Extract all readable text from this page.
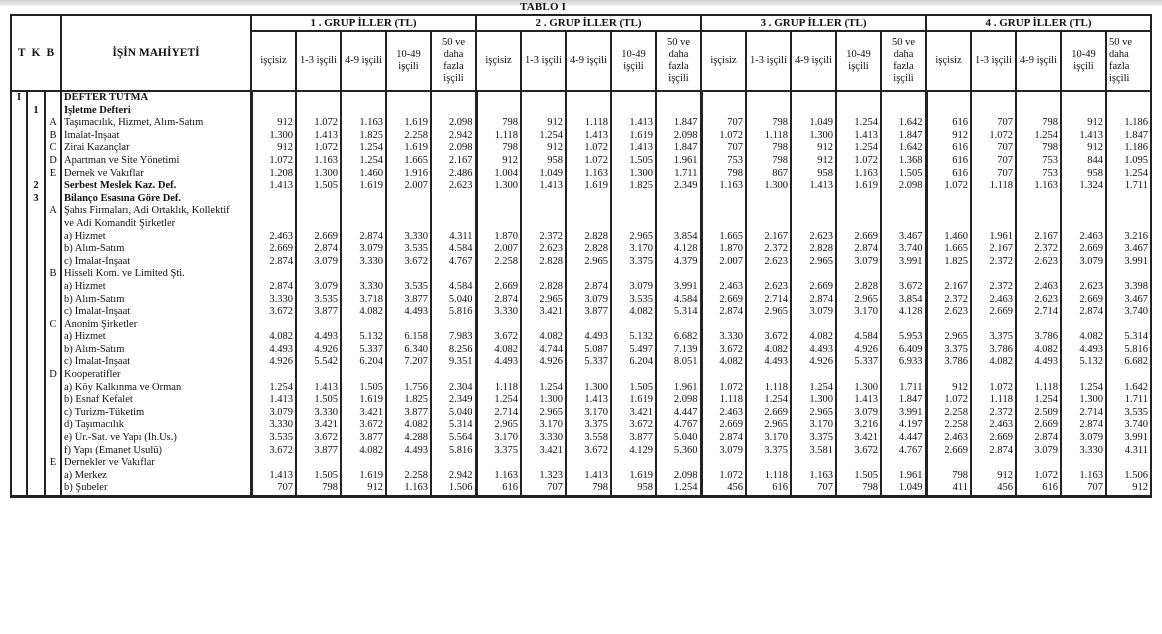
TABLO I
T K B			İŞİN MAHİYETİ	1 . GRUP İLLER (TL)					2 . GRUP İLLER (TL)					3 . GRUP İLLER (TL)					4 . GRUP İLLER (TL)				
				işçisiz	1-3 işçili	4-9 işçili	10-49 işçili	50 ve daha fazla işçili	işçisiz	1-3 işçili	4-9 işçili	10-49 işçili	50 ve daha fazla işçili	işçisiz	1-3 işçili	4-9 işçili	10-49 işçili	50 ve daha fazla işçili	işçisiz	1-3 işçili	4-9 işçili	10-49 işçili	50 ve daha fazla işçili
I			DEFTER TUTMA																				
	1		İşletme Defteri																				
		A	Taşımacılık, Hizmet, Alım-Satım	912	1.072	1.163	1.619	2.098	798	912	1.118	1.413	1.847	707	798	1.049	1.254	1.642	616	707	798	912	1.186
		B	İmalat-İnşaat	1.300	1.413	1.825	2.258	2.942	1.118	1.254	1.413	1.619	2.098	1.072	1.118	1.300	1.413	1.847	912	1.072	1.254	1.413	1.847
		C	Zirai Kazançlar	912	1.072	1.254	1.619	2.098	798	912	1.072	1.413	1.847	707	798	912	1.254	1.642	616	707	798	912	1.186
		D	Apartman ve Site Yönetimi	1.072	1.163	1.254	1.665	2.167	912	958	1.072	1.505	1.961	753	798	912	1.072	1.368	616	707	753	844	1.095
		E	Dernek ve Vakıflar	1.208	1.300	1.460	1.916	2.486	1.004	1.049	1.163	1.300	1.711	798	867	958	1.163	1.505	616	707	753	958	1.254
	2		Serbest Meslek Kaz. Def.	1.413	1.505	1.619	2.007	2.623	1.300	1.413	1.619	1.825	2.349	1.163	1.300	1.413	1.619	2.098	1.072	1.118	1.163	1.324	1.711
	3		Bilanço Esasına Göre Def.																				
		A	Şahıs Firmaları, Adi Ortaklık, Kollektif																				
			ve Adi Komandit Şirketler																				
			a) Hizmet	2.463	2.669	2.874	3.330	4.311	1.870	2.372	2.828	2.965	3.854	1.665	2.167	2.623	2.669	3.467	1.460	1.961	2.167	2.463	3.216
			b) Alım-Satım	2.669	2.874	3.079	3.535	4.584	2.007	2.623	2.828	3.170	4.128	1.870	2.372	2.828	2.874	3.740	1.665	2.167	2.372	2.669	3.467
			c) İmalat-İnşaat	2.874	3.079	3.330	3.672	4.767	2.258	2.828	2.965	3.375	4.379	2.007	2.623	2.965	3.079	3.991	1.825	2.372	2.623	3.079	3.991
		B	Hisseli Kom. ve Limited Şti.																				
			a) Hizmet	2.874	3.079	3.330	3.535	4.584	2.669	2.828	2.874	3.079	3.991	2.463	2.623	2.669	2.828	3.672	2.167	2.372	2.463	2.623	3.398
			b) Alım-Satım	3.330	3.535	3.718	3.877	5.040	2.874	2.965	3.079	3.535	4.584	2.669	2.714	2.874	2.965	3.854	2.372	2.463	2.623	2.669	3.467
			c) İmalat-İnşaat	3.672	3.877	4.082	4.493	5.816	3.330	3.421	3.877	4.082	5.314	2.874	2.965	3.079	3.170	4.128	2.623	2.669	2.714	2.874	3.740
		C	Anonim Şirketler																				
			a) Hizmet	4.082	4.493	5.132	6.158	7.983	3.672	4.082	4.493	5.132	6.682	3.330	3.672	4.082	4.584	5.953	2.965	3.375	3.786	4.082	5.314
			b) Alım-Satım	4.493	4.926	5.337	6.340	8.256	4.082	4.744	5.087	5.497	7.139	3.672	4.082	4.493	4.926	6.409	3.375	3.786	4.082	4.493	5.816
			c) İmalat-İnşaat	4.926	5.542	6.204	7.207	9.351	4.493	4.926	5.337	6.204	8.051	4.082	4.493	4.926	5.337	6.933	3.786	4.082	4.493	5.132	6.682
		D	Kooperatifler																				
			a) Köy Kalkınma ve Orman	1.254	1.413	1.505	1.756	2.304	1.118	1.254	1.300	1.505	1.961	1.072	1.118	1.254	1.300	1.711	912	1.072	1.118	1.254	1.642
			b) Esnaf Kefalet	1.413	1.505	1.619	1.825	2.349	1.254	1.300	1.413	1.619	2.098	1.118	1.254	1.300	1.413	1.847	1.072	1.118	1.254	1.300	1.711
			c) Turizm-Tüketim	3.079	3.330	3.421	3.877	5.040	2.714	2.965	3.170	3.421	4.447	2.463	2.669	2.965	3.079	3.991	2.258	2.372	2.509	2.714	3.535
			d) Taşımacılık	3.330	3.421	3.672	4.082	5.314	2.965	3.170	3.375	3.672	4.767	2.669	2.965	3.170	3.216	4.197	2.258	2.463	2.669	2.874	3.740
			e) Ür.-Sat. ve Yapı (İh.Us.)	3.535	3.672	3.877	4.288	5.564	3.170	3.330	3.558	3.877	5.040	2.874	3.170	3.375	3.421	4.447	2.463	2.669	2.874	3.079	3.991
			f) Yapı (Emanet Usulü)	3.672	3.877	4.082	4.493	5.816	3.375	3.421	3.672	4.129	5.360	3.079	3.375	3.581	3.672	4.767	2.669	2.874	3.079	3.330	4.311
		E	Dernekler ve Vakıflar																				
			a) Merkez	1.413	1.505	1.619	2.258	2.942	1.163	1.323	1.413	1.619	2.098	1.072	1.118	1.163	1.505	1.961	798	912	1.072	1.163	1.506
			b) Şubeler	707	798	912	1.163	1.506	616	707	798	958	1.254	456	616	707	798	1.049	411	456	616	707	912
